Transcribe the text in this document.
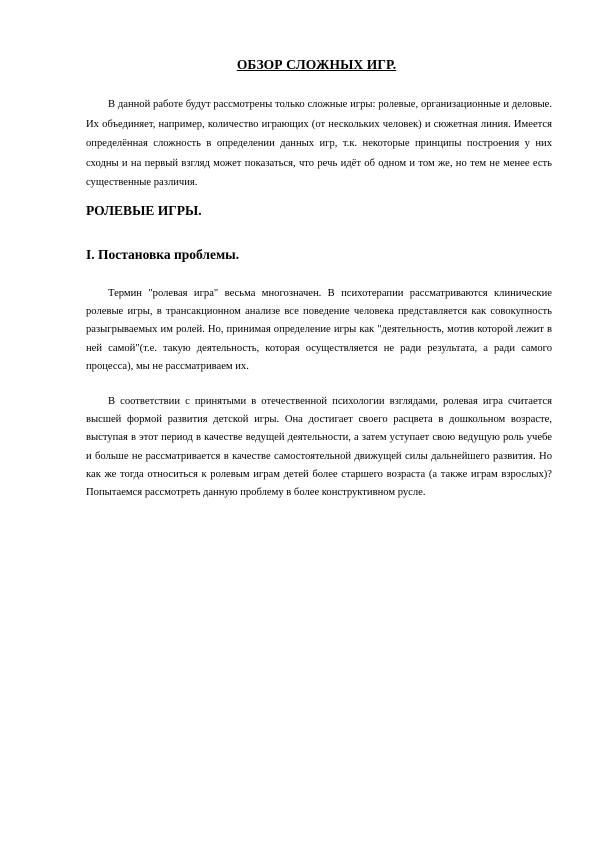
ОБЗОР СЛОЖНЫХ ИГР.

В данной работе будут рассмотрены только сложные игры: ролевые, организационные и деловые. Их объединяет, например, количество играющих (от нескольких человек) и сюжетная линия. Имеется определённая сложность в определении данных игр, т.к. некоторые принципы построения у них сходны и на первый взгляд может показаться, что речь идёт об одном и том же, но тем не менее есть существенные различия.

РОЛЕВЫЕ ИГРЫ.
I. Постановка проблемы.

Термин "ролевая игра" весьма многозначен. В психотерапии рассматриваются клинические ролевые игры, в трансакционном анализе все поведение человека представляется как совокупность разыгрываемых им ролей. Но, принимая определение игры как "деятельность, мотив которой лежит в ней самой"(т.е. такую деятельность, которая осуществляется не ради результата, а ради самого процесса), мы не рассматриваем их.

В соответствии с принятыми в отечественной психологии взглядами, ролевая игра считается высшей формой развития детской игры. Она достигает своего расцвета в дошкольном возрасте, выступая в этот период в качестве ведущей деятельности, а затем уступает свою ведущую роль учебе и больше не рассматривается в качестве самостоятельной движущей силы дальнейшего развития. Но как же тогда относиться к ролевым играм детей более старшего возраста (а также играм взрослых)? Попытаемся рассмотреть данную проблему в более конструктивном русле.
